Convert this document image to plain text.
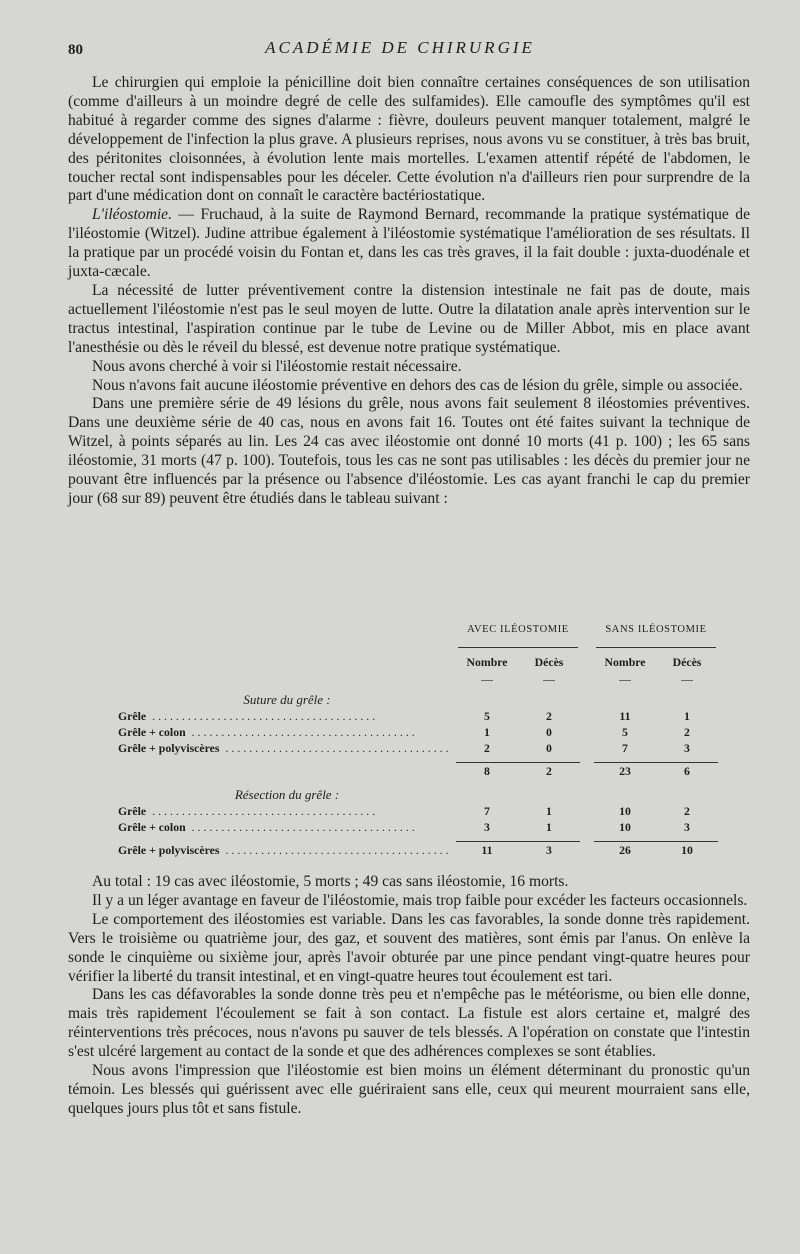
80	ACADÉMIE DE CHIRURGIE

Le chirurgien qui emploie la pénicilline doit bien connaître certaines conséquences de son utilisation (comme d'ailleurs à un moindre degré de celle des sulfamides). Elle camoufle des symptômes qu'il est habitué à regarder comme des signes d'alarme : fièvre, douleurs peuvent manquer totalement, malgré le développement de l'infection la plus grave. A plusieurs reprises, nous avons vu se constituer, à très bas bruit, des péritonites cloisonnées, à évolution lente mais mortelles. L'examen attentif répété de l'abdomen, le toucher rectal sont indispensables pour les déceler. Cette évolution n'a d'ailleurs rien pour surprendre de la part d'une médication dont on connaît le caractère bactériostatique.

L'iléostomie. — Fruchaud, à la suite de Raymond Bernard, recommande la pratique systématique de l'iléostomie (Witzel). Judine attribue également à l'iléostomie systématique l'amélioration de ses résultats. Il la pratique par un procédé voisin du Fontan et, dans les cas très graves, il la fait double : juxta-duodénale et juxta-cæcale.

La nécessité de lutter préventivement contre la distension intestinale ne fait pas de doute, mais actuellement l'iléostomie n'est pas le seul moyen de lutte. Outre la dilatation anale après intervention sur le tractus intestinal, l'aspiration continue par le tube de Levine ou de Miller Abbot, mis en place avant l'anesthésie ou dès le réveil du blessé, est devenue notre pratique systématique.

Nous avons cherché à voir si l'iléostomie restait nécessaire.

Nous n'avons fait aucune iléostomie préventive en dehors des cas de lésion du grêle, simple ou associée.

Dans une première série de 49 lésions du grêle, nous avons fait seulement 8 iléostomies préventives. Dans une deuxième série de 40 cas, nous en avons fait 16. Toutes ont été faites suivant la technique de Witzel, à points séparés au lin. Les 24 cas avec iléostomie ont donné 10 morts (41 p. 100) ; les 65 sans iléostomie, 31 morts (47 p. 100). Toutefois, tous les cas ne sont pas utilisables : les décès du premier jour ne pouvant être influencés par la présence ou l'absence d'iléostomie. Les cas ayant franchi le cap du premier jour (68 sur 89) peuvent être étudiés dans le tableau suivant :

		AVEC ILÉOSTOMIE			SANS ILÉOSTOMIE	

		Nombre	Décès		Nombre	Décès
		—	—		—	—
Suture du grêle :						
Grêle ......................................		5	2		11	1
Grêle + colon ......................................		1	0		5	2
Grêle + polyviscères ......................................		2	0		7	3

		8	2		23	6
Résection du grêle :						
Grêle ......................................		7	1		10	2
Grêle + colon ......................................		3	1		10	3

Grêle + polyviscères ......................................		11	3		26	10

Au total : 19 cas avec iléostomie, 5 morts ; 49 cas sans iléostomie, 16 morts.

Il y a un léger avantage en faveur de l'iléostomie, mais trop faible pour excéder les facteurs occasionnels.

Le comportement des iléostomies est variable. Dans les cas favorables, la sonde donne très rapidement. Vers le troisième ou quatrième jour, des gaz, et souvent des matières, sont émis par l'anus. On enlève la sonde le cinquième ou sixième jour, après l'avoir obturée par une pince pendant vingt-quatre heures pour vérifier la liberté du transit intestinal, et en vingt-quatre heures tout écoulement est tari.

Dans les cas défavorables la sonde donne très peu et n'empêche pas le météorisme, ou bien elle donne, mais très rapidement l'écoulement se fait à son contact. La fistule est alors certaine et, malgré des réinterventions très précoces, nous n'avons pu sauver de tels blessés. A l'opération on constate que l'intestin s'est ulcéré largement au contact de la sonde et que des adhérences complexes se sont établies.

Nous avons l'impression que l'iléostomie est bien moins un élément déterminant du pronostic qu'un témoin. Les blessés qui guérissent avec elle guériraient sans elle, ceux qui meurent mourraient sans elle, quelques jours plus tôt et sans fistule.
